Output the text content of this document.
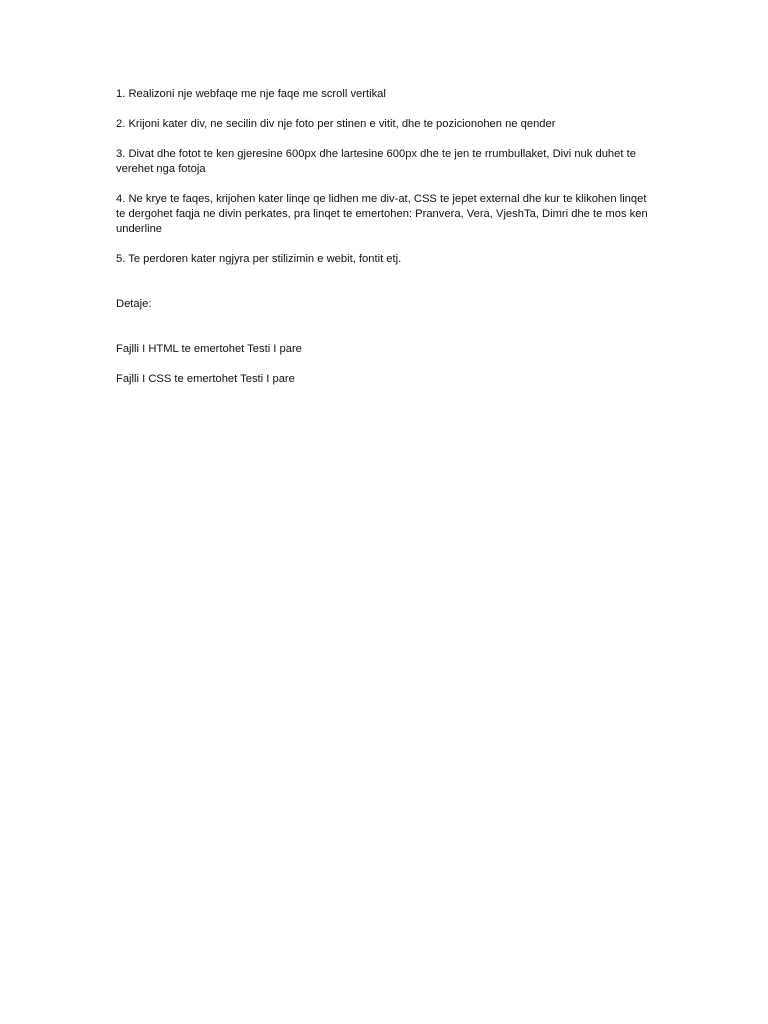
1. Realizoni nje webfaqe me nje faqe me scroll vertikal

2. Krijoni kater div, ne secilin div nje foto per stinen e vitit, dhe te pozicionohen ne qender

3. Divat dhe fotot te ken gjeresine 600px dhe lartesine 600px dhe te jen te rrumbullaket, Divi nuk duhet te verehet nga fotoja

4. Ne krye te faqes, krijohen kater linqe qe lidhen me div-at, CSS te jepet external dhe kur te klikohen linqet te dergohet faqja ne divin perkates, pra linqet te emertohen: Pranvera, Vera, VjeshTa, Dimri dhe te mos ken underline

5. Te perdoren kater ngjyra per stilizimin e webit, fontit etj.

Detaje:

Fajlli I HTML te emertohet Testi I pare

Fajlli I CSS te emertohet Testi I pare
